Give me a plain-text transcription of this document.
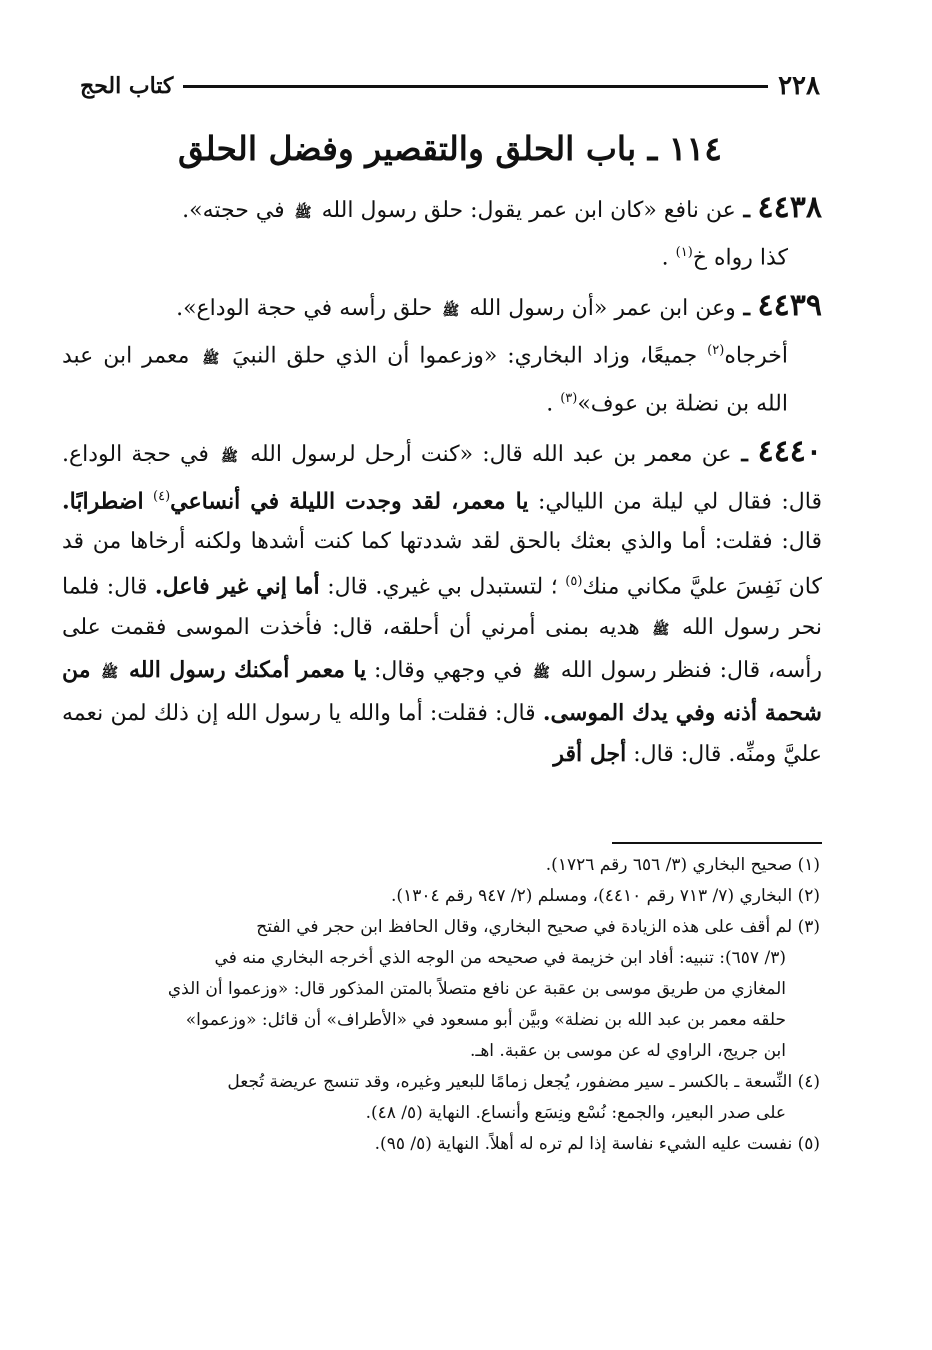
٢٢٨
كتاب الحج
١١٤ ـ باب الحلق والتقصير وفضل الحلق

٤٤٣٨ ـ عن نافع «كان ابن عمر يقول: حلق رسول الله ﷺ في حجته».

كذا رواه خ$^{(١)}$ .

٤٤٣٩ ـ وعن ابن عمر «أن رسول الله ﷺ حلق رأسه في حجة الوداع».

أخرجاه$^{(٢)}$ جميعًا، وزاد البخاري: «وزعموا أن الذي حلق النبيَ ﷺ معمر ابن عبد الله بن نضلة بن عوف»$^{(٣)}$ .

٤٤٤٠ ـ عن معمر بن عبد الله قال: «كنت أرحل لرسول الله ﷺ في حجة الوداع. قال: فقال لي ليلة من الليالي: يا معمر، لقد وجدت الليلة في أنساعي$^{(٤)}$ اضطرابًا. قال: فقلت: أما والذي بعثك بالحق لقد شددتها كما كنت أشدها ولكنه أرخاها من قد كان نَفِسَ عليَّ مكاني منك$^{(٥)}$ ؛ لتستبدل بي غيري. قال: أما إني غير فاعل. قال: فلما نحر رسول الله ﷺ هديه بمنى أمرني أن أحلقه، قال: فأخذت الموسى فقمت على رأسه، قال: فنظر رسول الله ﷺ في وجهي وقال: يا معمر أمكنك رسول الله ﷺ من شحمة أذنه وفي يدك الموسى. قال: فقلت: أما والله يا رسول الله إن ذلك لمن نعمه عليَّ ومنِّه. قال: قال: أجل أقر

(١) صحيح البخاري (٣/ ٦٥٦ رقم ١٧٢٦).

(٢) البخاري (٧/ ٧١٣ رقم ٤٤١٠)، ومسلم (٢/ ٩٤٧ رقم ١٣٠٤).

(٣) لم أقف على هذه الزيادة في صحيح البخاري، وقال الحافظ ابن حجر في الفتح

(٣/ ٦٥٧): تنبيه: أفاد ابن خزيمة في صحيحه من الوجه الذي أخرجه البخاري منه في

المغازي من طريق موسى بن عقبة عن نافع متصلاً بالمتن المذكور قال: «وزعموا أن الذي

حلقه معمر بن عبد الله بن نضلة» وبيَّن أبو مسعود في «الأطراف» أن قائل: «وزعموا»

ابن جريج، الراوي له عن موسى بن عقبة. اهـ.

(٤) النِّسعة ـ بالكسر ـ سير مضفور، يُجعل زمامًا للبعير وغيره، وقد تنسج عريضة تُجعل

على صدر البعير، والجمع: نُسْع ونِسَع وأنساع. النهاية (٥/ ٤٨).

(٥) نفست عليه الشيء نفاسة إذا لم تره له أهلاً. النهاية (٥/ ٩٥).
